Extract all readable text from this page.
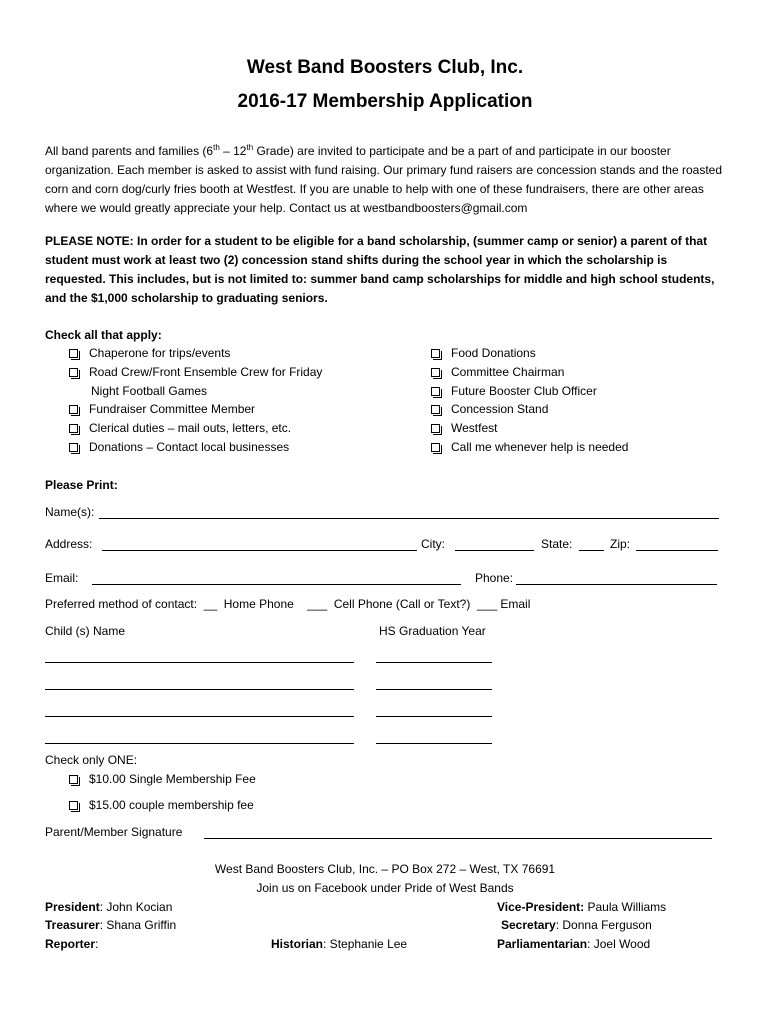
West Band Boosters Club, Inc.
2016-17 Membership Application
All band parents and families (6th – 12th Grade) are invited to participate and be a part of and participate in our booster organization. Each member is asked to assist with fund raising. Our primary fund raisers are concession stands and the roasted corn and corn dog/curly fries booth at Westfest. If you are unable to help with one of these fundraisers, there are other areas where we would greatly appreciate your help. Contact us at westbandboosters@gmail.com
PLEASE NOTE: In order for a student to be eligible for a band scholarship, (summer camp or senior) a parent of that student must work at least two (2) concession stand shifts during the school year in which the scholarship is requested. This includes, but is not limited to: summer band camp scholarships for middle and high school students, and the $1,000 scholarship to graduating seniors.
Check all that apply:
Chaperone for trips/events
Road Crew/Front Ensemble Crew for Friday
Night Football Games
Fundraiser Committee Member
Clerical duties – mail outs, letters, etc.
Donations – Contact local businesses
Food Donations
Committee Chairman
Future Booster Club Officer
Concession Stand
Westfest
Call me whenever help is needed
Please Print:
Name(s):
Address:	City:	State:	Zip:
Email:	Phone:
Preferred method of contact:  __  Home Phone    ___  Cell Phone (Call or Text?)  ___ Email
Child (s) Name	HS Graduation Year
Check only ONE:
$10.00 Single Membership Fee
$15.00 couple membership fee
Parent/Member Signature
West Band Boosters Club, Inc. – PO Box 272 – West, TX 76691
Join us on Facebook under Pride of West Bands
President: John Kocian	Vice-President: Paula Williams
Treasurer: Shana Griffin	Secretary: Donna Ferguson
Reporter:	Historian: Stephanie Lee	Parliamentarian: Joel Wood
